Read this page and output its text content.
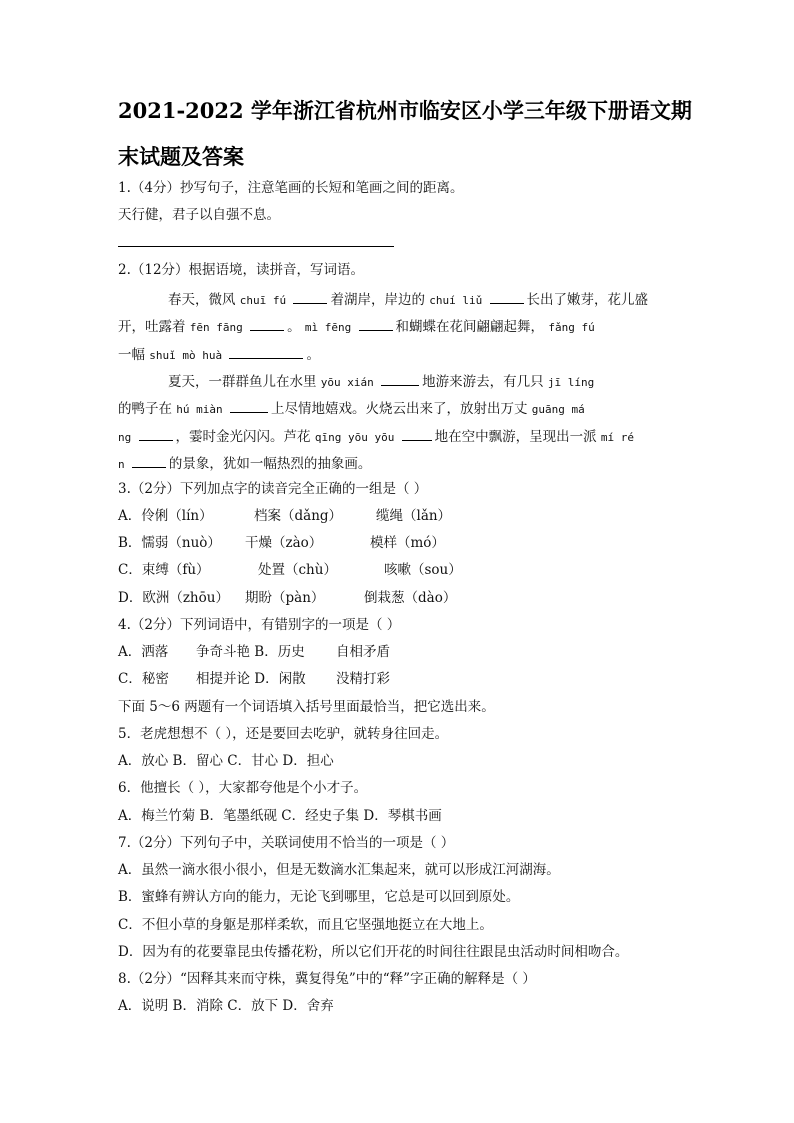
2021-2022 学年浙江省杭州市临安区小学三年级下册语文期
末试题及答案
1.（4分）抄写句子，注意笔画的长短和笔画之间的距离。
天行健，君子以自强不息。
2.（12分）根据语境，读拼音，写词语。
春天，微风 chuī fú	着湖岸，岸边的 chuí liǔ	长出了嫩芽，花儿盛
开，吐露着 fēn fāng	。 mì fēng	和蝴蝶在花间翩翩起舞， fǎng fú
一幅 shuǐ mò huà	。
夏天，一群群鱼儿在水里 yōu xián	地游来游去，有几只 jī líng
的鸭子在 hú miàn	上尽情地嬉戏。火烧云出来了，放射出万丈 guāng má
ng	，霎时金光闪闪。芦花 qīng yōu yōu	地在空中飘游，呈现出一派 mí ré
n	的景象，犹如一幅热烈的抽象画。
3.（2分）下列加点字的读音完全正确的一组是（ ）
A．伶俐（lín）	档案（dǎng）	缆绳（lǎn）
B．懦弱（nuò） 干燥（zào）	模样（mó）
C．束缚（fù）	处置（chù）	咳嗽（sou）
D．欧洲（zhōu） 期盼（pàn）	倒栽葱（dào）
4.（2分）下列词语中，有错别字的一项是（ ）
A．洒落 争奇斗艳 B．历史 自相矛盾
C．秘密 相提并论 D．闲散 没精打彩
下面 5～6 两题有一个词语填入括号里面最恰当，把它选出来。
5．老虎想想不（ ），还是要回去吃驴，就转身往回走。
A．放心 B．留心 C．甘心 D．担心
6．他擅长（ ），大家都夸他是个小才子。
A．梅兰竹菊 B．笔墨纸砚 C．经史子集 D．琴棋书画
7.（2分）下列句子中，关联词使用不恰当的一项是（ ）
A．虽然一滴水很小很小，但是无数滴水汇集起来，就可以形成江河湖海。
B．蜜蜂有辨认方向的能力，无论飞到哪里，它总是可以回到原处。
C．不但小草的身躯是那样柔软，而且它坚强地挺立在大地上。
D．因为有的花要靠昆虫传播花粉，所以它们开花的时间往往跟昆虫活动时间相吻合。
8.（2分）“因释其来而守株，冀复得兔”中的“释”字正确的解释是（ ）
A．说明 B．消除 C．放下 D．舍弃
